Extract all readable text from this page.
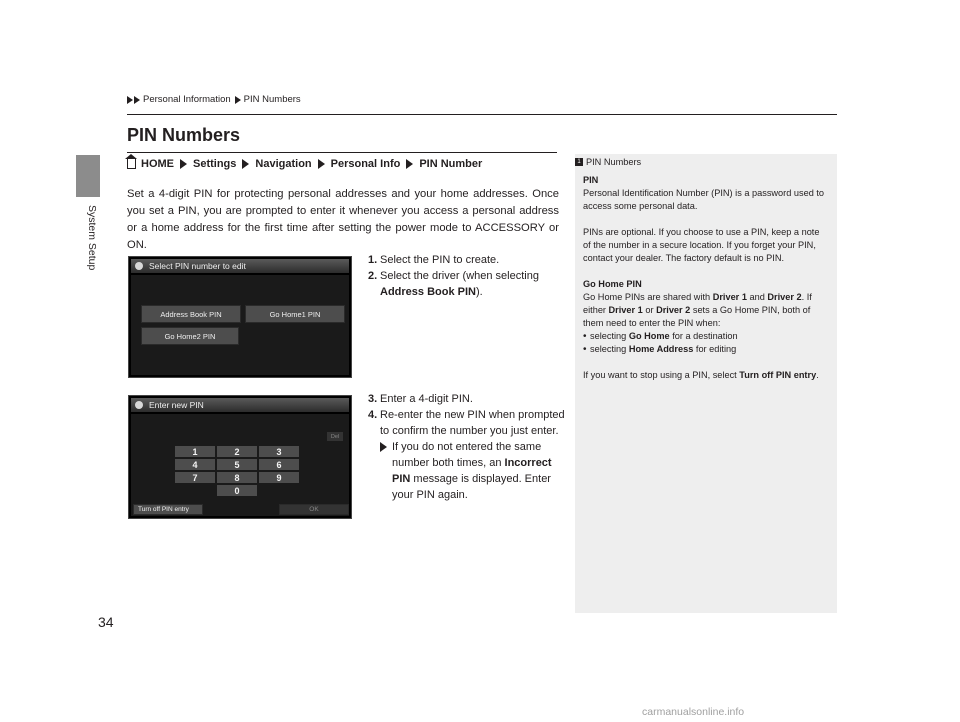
System Setup
Personal Information PIN Numbers
PIN Numbers
HOME Settings Navigation Personal Info PIN Number

Set a 4-digit PIN for protecting personal addresses and your home addresses. Once you set a PIN, you are prompted to enter it whenever you access a personal address or a home address for the first time after setting the power mode to ACCESSORY or ON.

Select PIN number to edit
Address Book PIN	Go Home1 PIN
Go Home2 PIN
1. Select the PIN to create.
2. Select the driver (when selecting Address Book PIN).
Enter new PIN
Del
1	2	3
4	5	6
7	8	9
0
Turn off PIN entry	OK
3. Enter a 4-digit PIN.
4. Re-enter the new PIN when prompted to confirm the number you just enter.
If you do not entered the same number both times, an Incorrect PIN message is displayed. Enter your PIN again.
1 PIN Numbers
PIN

Personal Identification Number (PIN) is a password used to access some personal data.

PINs are optional. If you choose to use a PIN, keep a note of the number in a secure location. If you forget your PIN, contact your dealer. The factory default is no PIN.

Go Home PIN

Go Home PINs are shared with Driver 1 and Driver 2. If either Driver 1 or Driver 2 sets a Go Home PIN, both of them need to enter the PIN when:

• selecting Go Home for a destination
• selecting Home Address for editing

If you want to stop using a PIN, select Turn off PIN entry.

34
carmanualsonline.info
